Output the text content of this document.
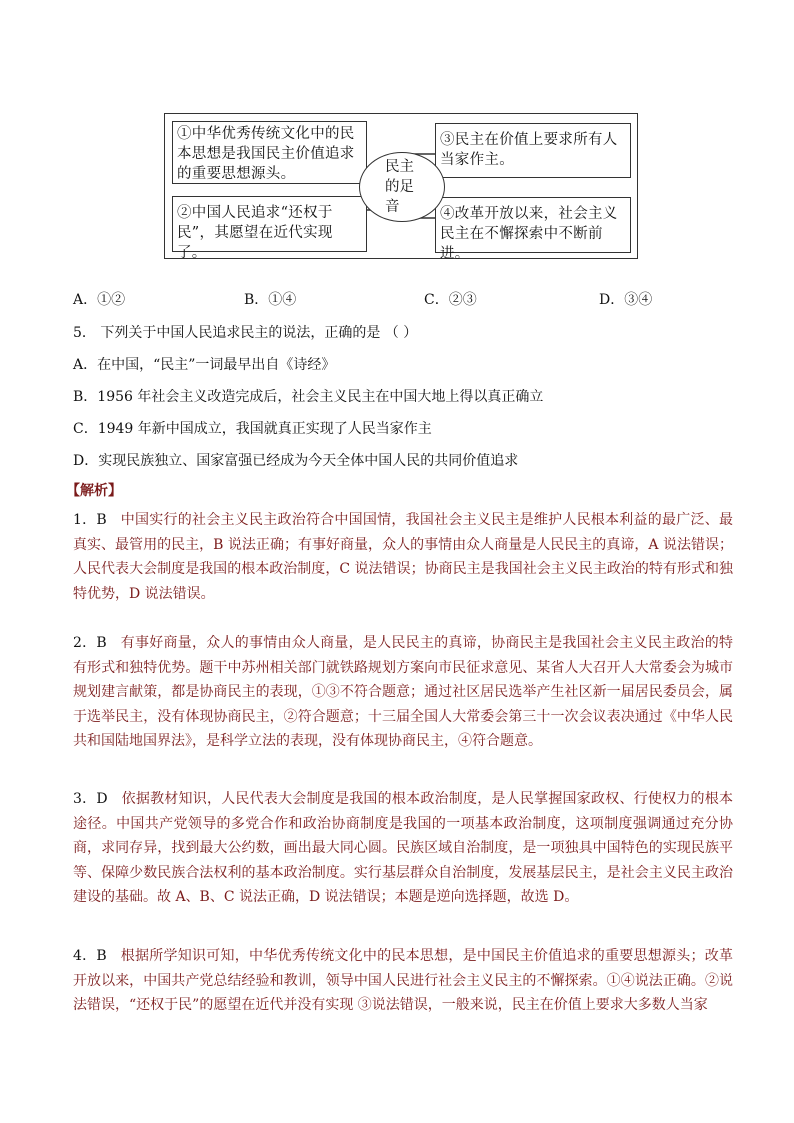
①中华优秀传统文化中的民本思想是我国民主价值追求的重要思想源头。
②中国人民追求“还权于民”，其愿望在近代实现了。
③民主在价值上要求所有人当家作主。
④改革开放以来，社会主义民主在不懈探索中不断前进。
民主的足音
A．①②	B．①④	C．②③	D．③④
5． 下列关于中国人民追求民主的说法，正确的是 （ ）
A．在中国，“民主”一词最早出自《诗经》
B．1956 年社会主义改造完成后，社会主义民主在中国大地上得以真正确立
C．1949 年新中国成立，我国就真正实现了人民当家作主
D．实现民族独立、国家富强已经成为今天全体中国人民的共同价值追求
【解析】
1．B 中国实行的社会主义民主政治符合中国国情，我国社会主义民主是维护人民根本利益的最广泛、最真实、最管用的民主，B 说法正确；有事好商量，众人的事情由众人商量是人民民主的真谛，A 说法错误；人民代表大会制度是我国的根本政治制度，C 说法错误；协商民主是我国社会主义民主政治的特有形式和独特优势，D 说法错误。
2．B 有事好商量，众人的事情由众人商量，是人民民主的真谛，协商民主是我国社会主义民主政治的特有形式和独特优势。题干中苏州相关部门就铁路规划方案向市民征求意见、某省人大召开人大常委会为城市规划建言献策，都是协商民主的表现，①③不符合题意；通过社区居民选举产生社区新一届居民委员会，属于选举民主，没有体现协商民主，②符合题意；十三届全国人大常委会第三十一次会议表决通过《中华人民共和国陆地国界法》，是科学立法的表现，没有体现协商民主，④符合题意。
3．D 依据教材知识，人民代表大会制度是我国的根本政治制度，是人民掌握国家政权、行使权力的根本途径。中国共产党领导的多党合作和政治协商制度是我国的一项基本政治制度，这项制度强调通过充分协商，求同存异，找到最大公约数，画出最大同心圆。民族区域自治制度，是一项独具中国特色的实现民族平等、保障少数民族合法权利的基本政治制度。实行基层群众自治制度，发展基层民主，是社会主义民主政治建设的基础。故 A、B、C 说法正确，D 说法错误；本题是逆向选择题，故选 D。
4．B 根据所学知识可知，中华优秀传统文化中的民本思想，是中国民主价值追求的重要思想源头；改革开放以来，中国共产党总结经验和教训，领导中国人民进行社会主义民主的不懈探索。①④说法正确。②说法错误，“还权于民”的愿望在近代并没有实现 ③说法错误，一般来说，民主在价值上要求大多数人当家
